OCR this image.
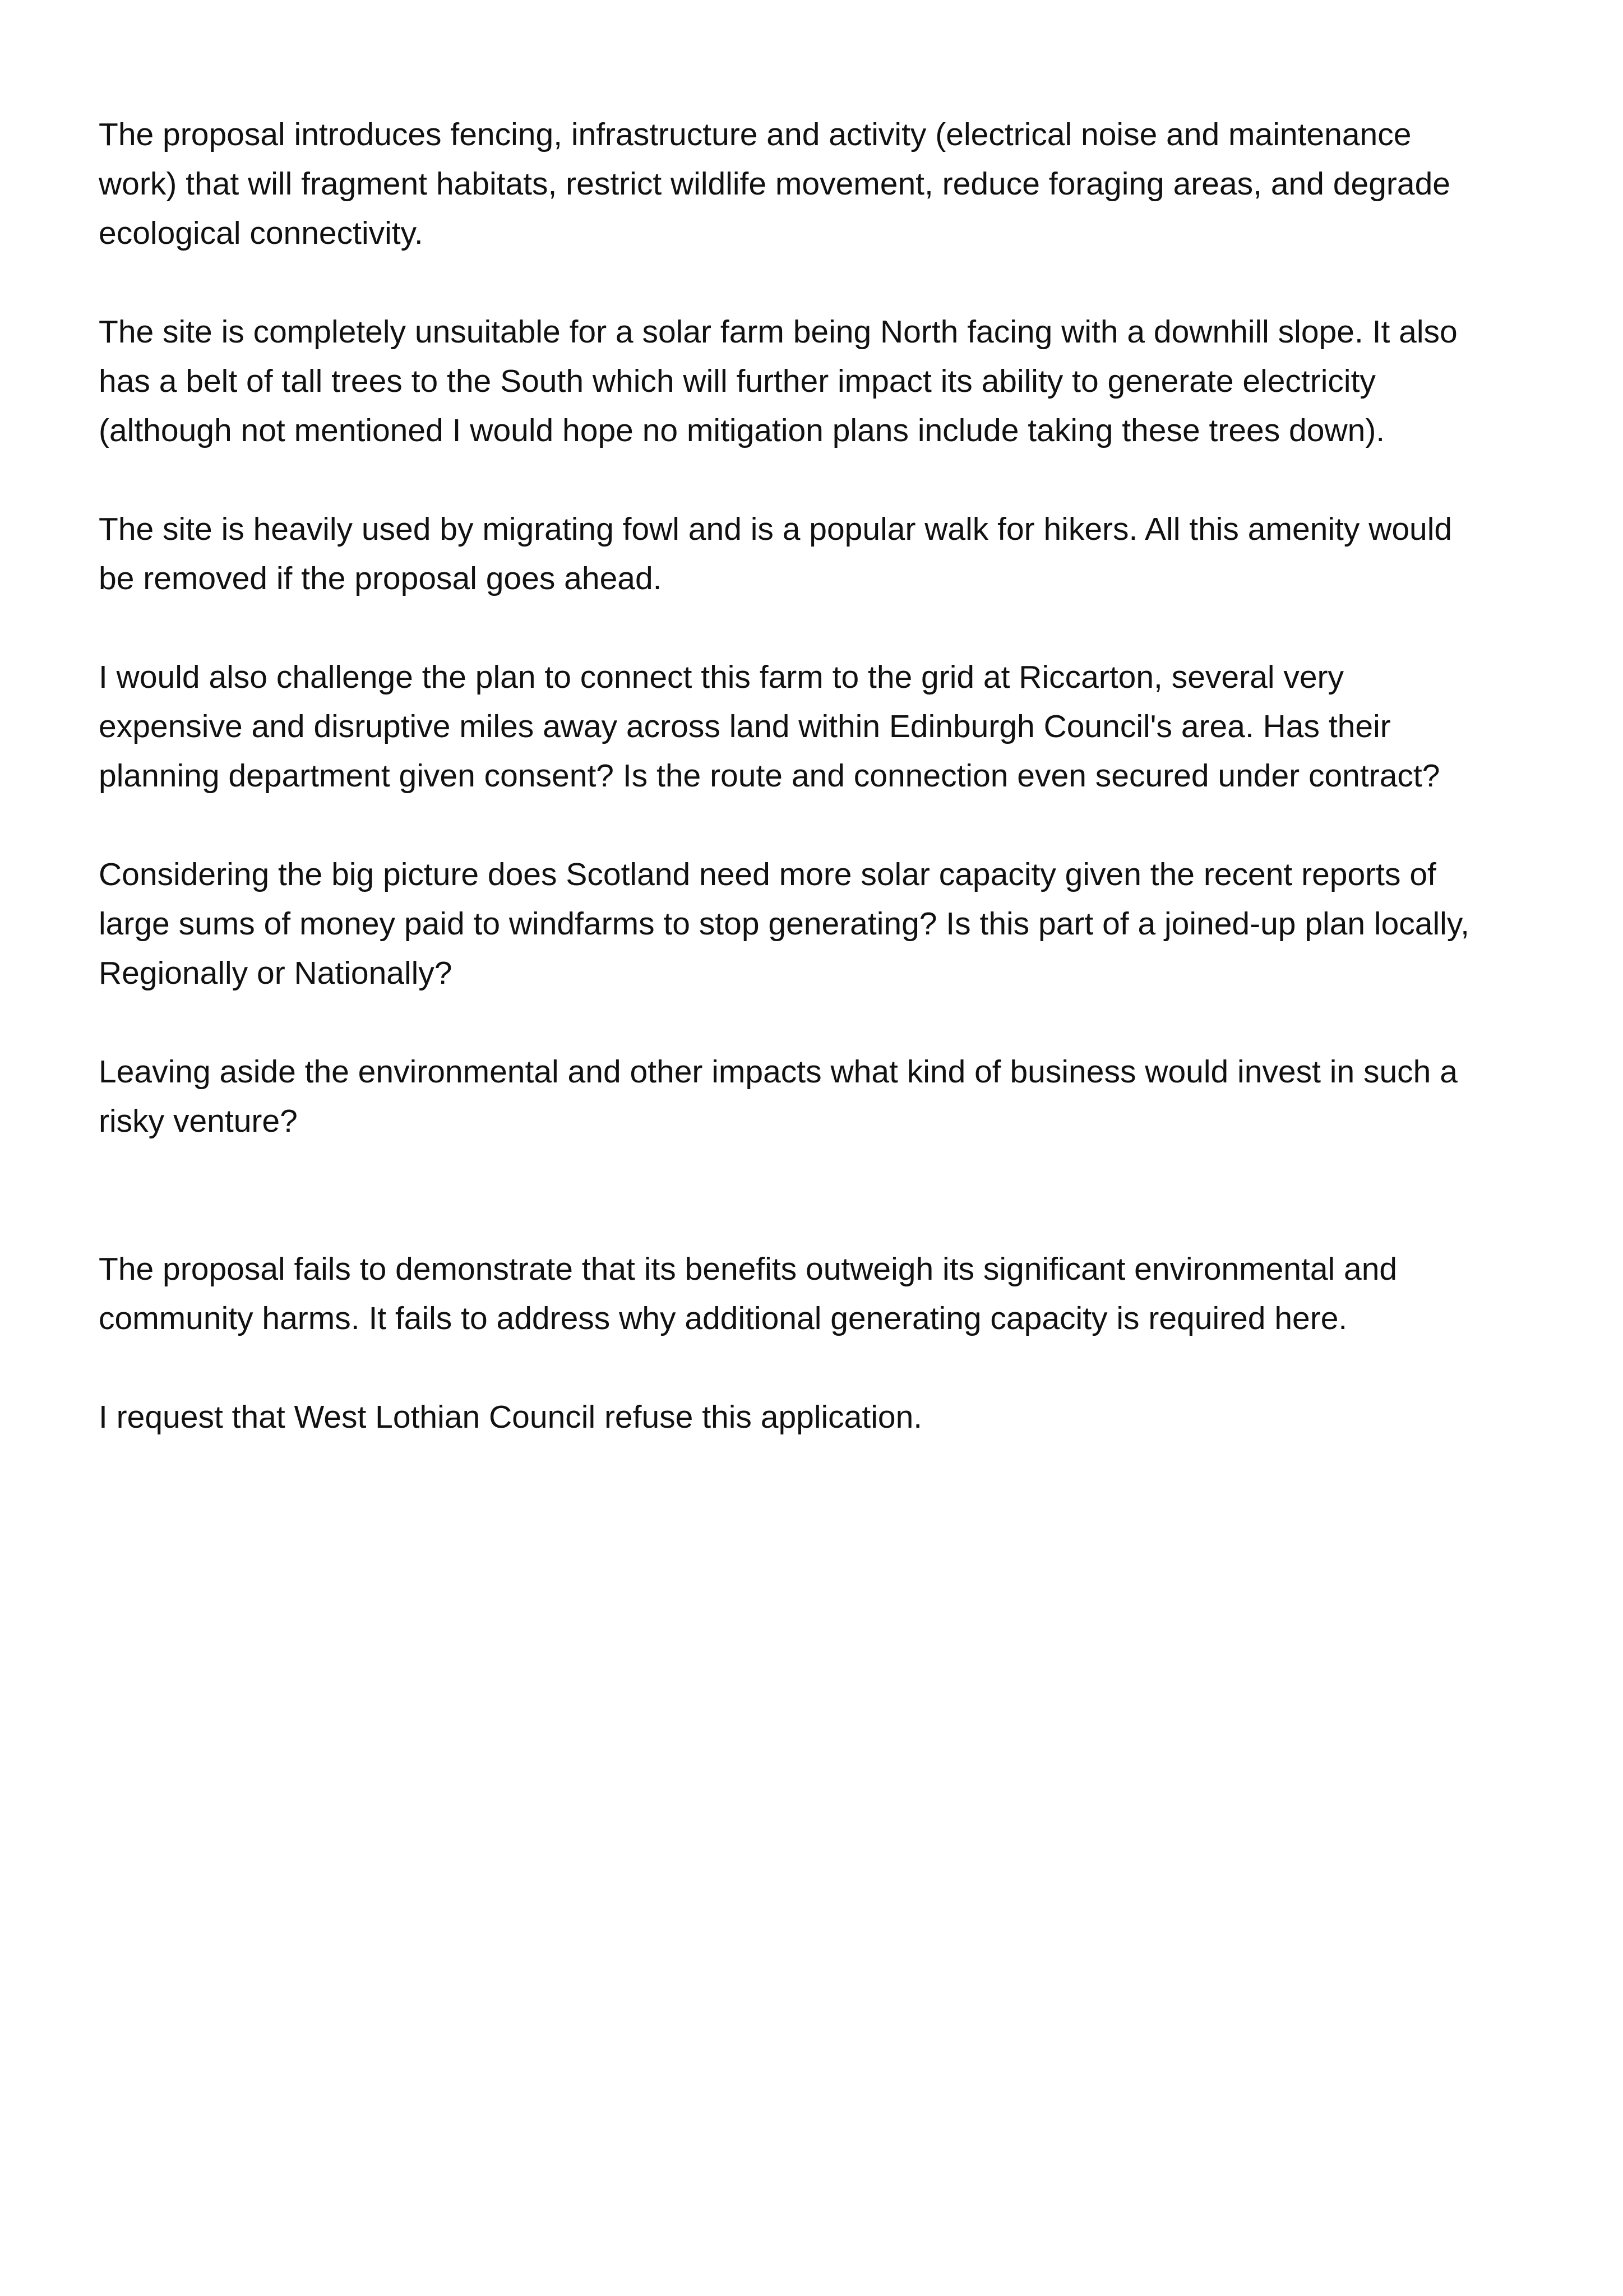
The proposal introduces fencing, infrastructure and activity (electrical noise and maintenance
work) that will fragment habitats, restrict wildlife movement, reduce foraging areas, and degrade
ecological connectivity.

The site is completely unsuitable for a solar farm being North facing with a downhill slope. It also
has a belt of tall trees to the South which will further impact its ability to generate electricity
(although not mentioned I would hope no mitigation plans include taking these trees down).

The site is heavily used by migrating fowl and is a popular walk for hikers. All this amenity would
be removed if the proposal goes ahead.

I would also challenge the plan to connect this farm to the grid at Riccarton, several very
expensive and disruptive miles away across land within Edinburgh Council's area. Has their
planning department given consent? Is the route and connection even secured under contract?

Considering the big picture does Scotland need more solar capacity given the recent reports of
large sums of money paid to windfarms to stop generating? Is this part of a joined-up plan locally,
Regionally or Nationally?

Leaving aside the environmental and other impacts what kind of business would invest in such a
risky venture?

The proposal fails to demonstrate that its benefits outweigh its significant environmental and
community harms. It fails to address why additional generating capacity is required here.

I request that West Lothian Council refuse this application.
